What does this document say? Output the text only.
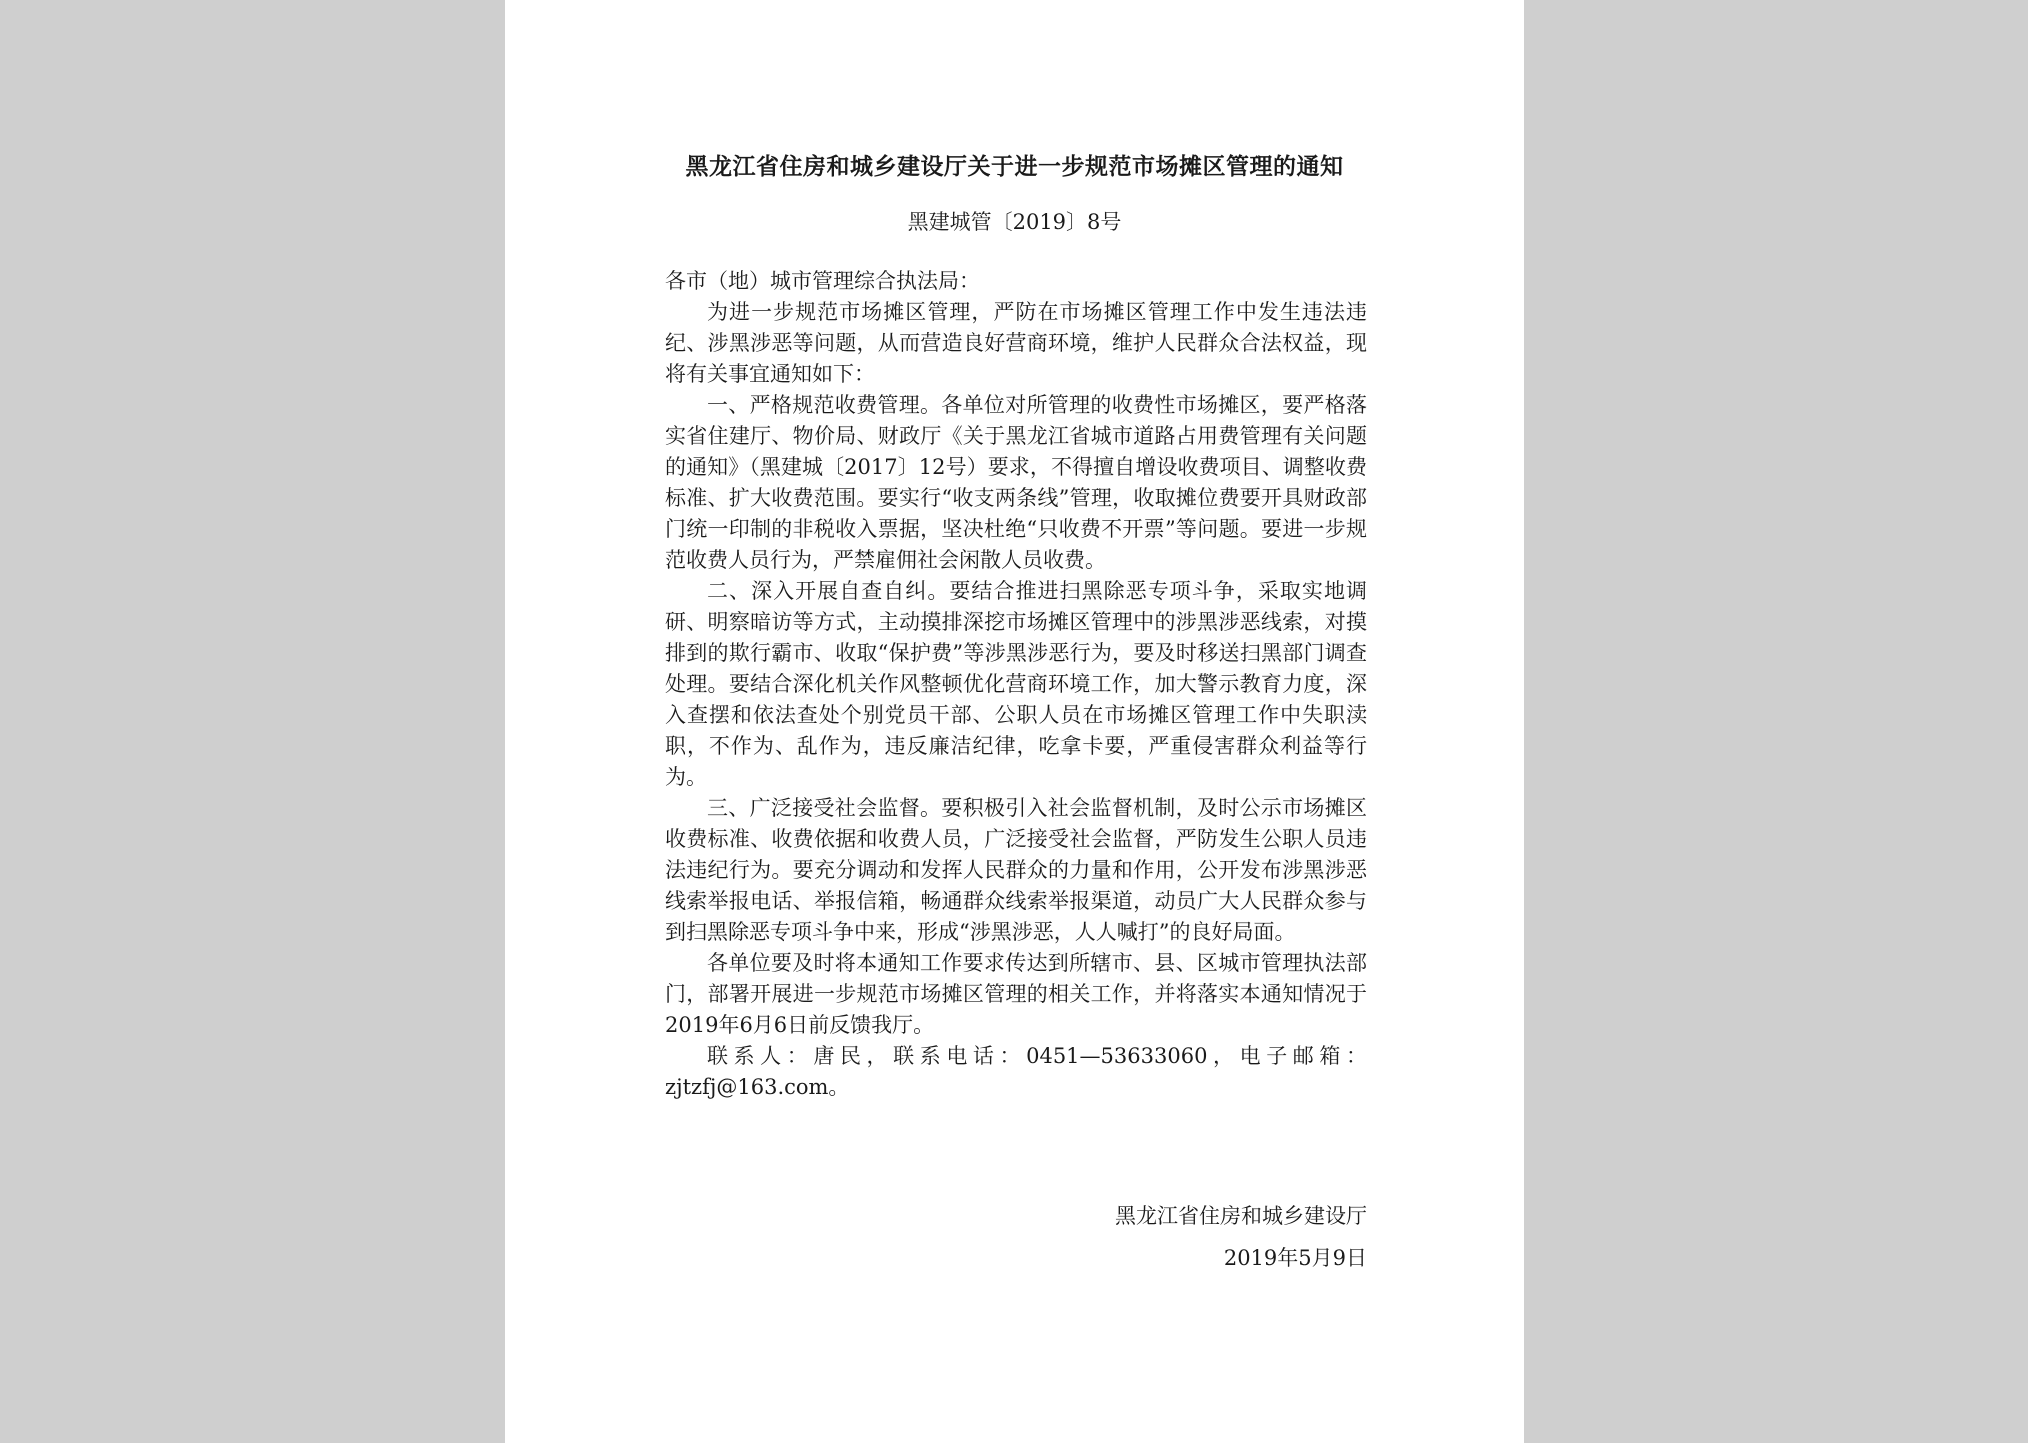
黑龙江省住房和城乡建设厅关于进一步规范市场摊区管理的通知
黑建城管〔2019〕8号

各市（地）城市管理综合执法局：

为进一步规范市场摊区管理，严防在市场摊区管理工作中发生违法违纪、涉黑涉恶等问题，从而营造良好营商环境，维护人民群众合法权益，现将有关事宜通知如下：

一、严格规范收费管理。各单位对所管理的收费性市场摊区，要严格落实省住建厅、物价局、财政厅《关于黑龙江省城市道路占用费管理有关问题的通知》（黑建城〔2017〕12号）要求，不得擅自增设收费项目、调整收费标准、扩大收费范围。要实行“收支两条线”管理，收取摊位费要开具财政部门统一印制的非税收入票据，坚决杜绝“只收费不开票”等问题。要进一步规范收费人员行为，严禁雇佣社会闲散人员收费。

二、深入开展自查自纠。要结合推进扫黑除恶专项斗争，采取实地调研、明察暗访等方式，主动摸排深挖市场摊区管理中的涉黑涉恶线索，对摸排到的欺行霸市、收取“保护费”等涉黑涉恶行为，要及时移送扫黑部门调查处理。要结合深化机关作风整顿优化营商环境工作，加大警示教育力度，深入查摆和依法查处个别党员干部、公职人员在市场摊区管理工作中失职渎职，不作为、乱作为，违反廉洁纪律，吃拿卡要，严重侵害群众利益等行为。

三、广泛接受社会监督。要积极引入社会监督机制，及时公示市场摊区收费标准、收费依据和收费人员，广泛接受社会监督，严防发生公职人员违法违纪行为。要充分调动和发挥人民群众的力量和作用，公开发布涉黑涉恶线索举报电话、举报信箱，畅通群众线索举报渠道，动员广大人民群众参与到扫黑除恶专项斗争中来，形成“涉黑涉恶，人人喊打”的良好局面。

各单位要及时将本通知工作要求传达到所辖市、县、区城市管理执法部门，部署开展进一步规范市场摊区管理的相关工作，并将落实本通知情况于2019年6月6日前反馈我厅。

联系人：唐民，联系电话：0451—53633060，电子邮箱：zjtzfj@163.com。

黑龙江省住房和城乡建设厅
2019年5月9日
